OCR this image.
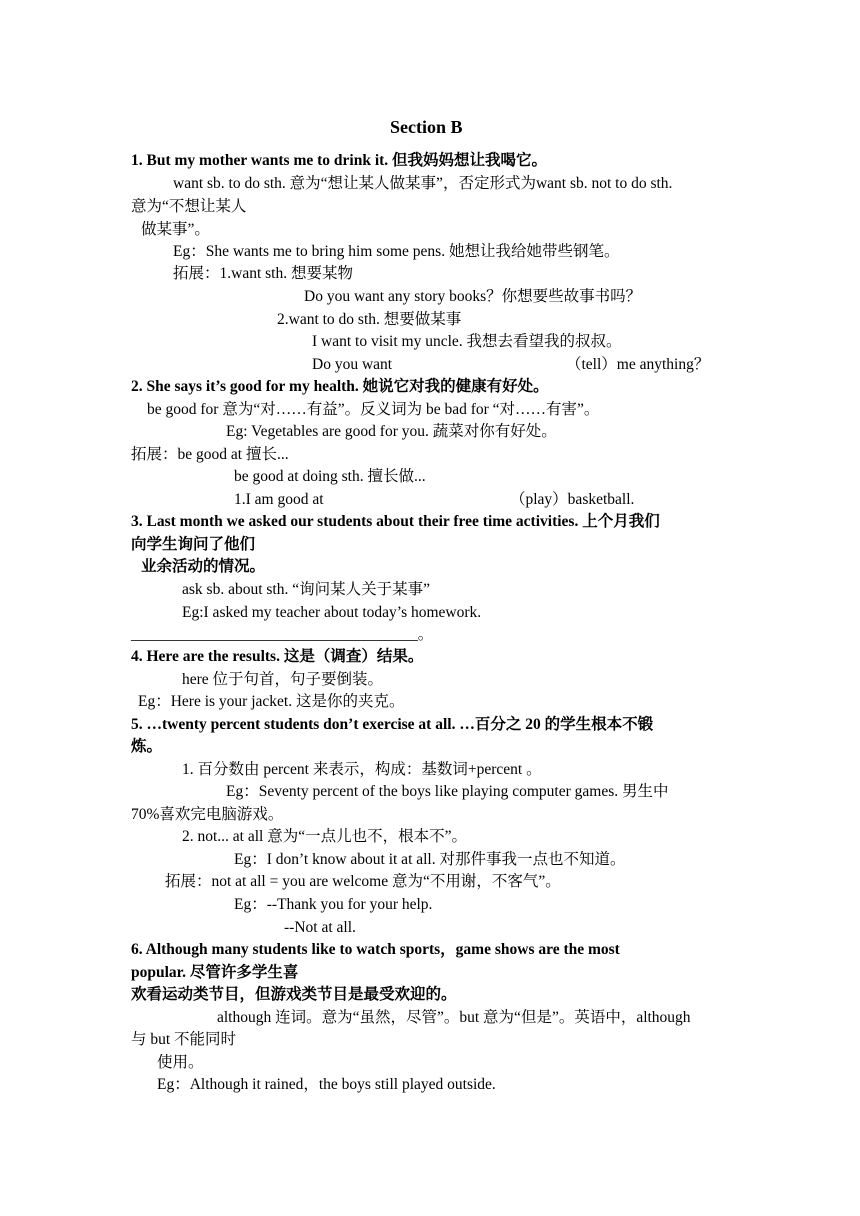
Section B
1. But my mother wants me to drink it. 但我妈妈想让我喝它。
want sb. to do sth. 意为“想让某人做某事”，否定形式为want sb. not to do sth.
意为“不想让某人
做某事”。
Eg：She wants me to bring him some pens. 她想让我给她带些钢笔。
拓展：1.want sth. 想要某物
Do you want any story books？你想要些故事书吗？
2.want to do sth. 想要做某事
I want to visit my uncle. 我想去看望我的叔叔。
Do you want	（tell）me anything？
2. She says it’s good for my health. 她说它对我的健康有好处。
be good for 意为“对……有益”。反义词为 be bad for “对……有害”。
Eg: Vegetables are good for you. 蔬菜对你有好处。
拓展：be good at 擅长...
be good at doing sth. 擅长做...
1.I am good at	（play）basketball.
3. Last month we asked our students about their free time activities. 上个月我们
向学生询问了他们
业余活动的情况。
ask sb. about sth. “询问某人关于某事”
Eg:I asked my teacher about today’s homework.
_____________________________________。
4. Here are the results. 这是（调查）结果。
here 位于句首，句子要倒装。
Eg：Here is your jacket. 这是你的夹克。
5. …twenty percent students don’t exercise at all. …百分之 20 的学生根本不锻
炼。
1. 百分数由 percent 来表示，构成：基数词+percent 。
Eg：Seventy percent of the boys like playing computer games. 男生中
70%喜欢完电脑游戏。
2. not... at all 意为“一点儿也不，根本不”。
Eg：I don’t know about it at all. 对那件事我一点也不知道。
拓展：not at all = you are welcome 意为“不用谢，不客气”。
Eg：--Thank you for your help.
--Not at all.
6. Although many students like to watch sports，game shows are the most
popular. 尽管许多学生喜
欢看运动类节目，但游戏类节目是最受欢迎的。
although 连词。意为“虽然，尽管”。but 意为“但是”。英语中，although
与 but 不能同时
使用。
Eg：Although it rained，the boys still played outside.
